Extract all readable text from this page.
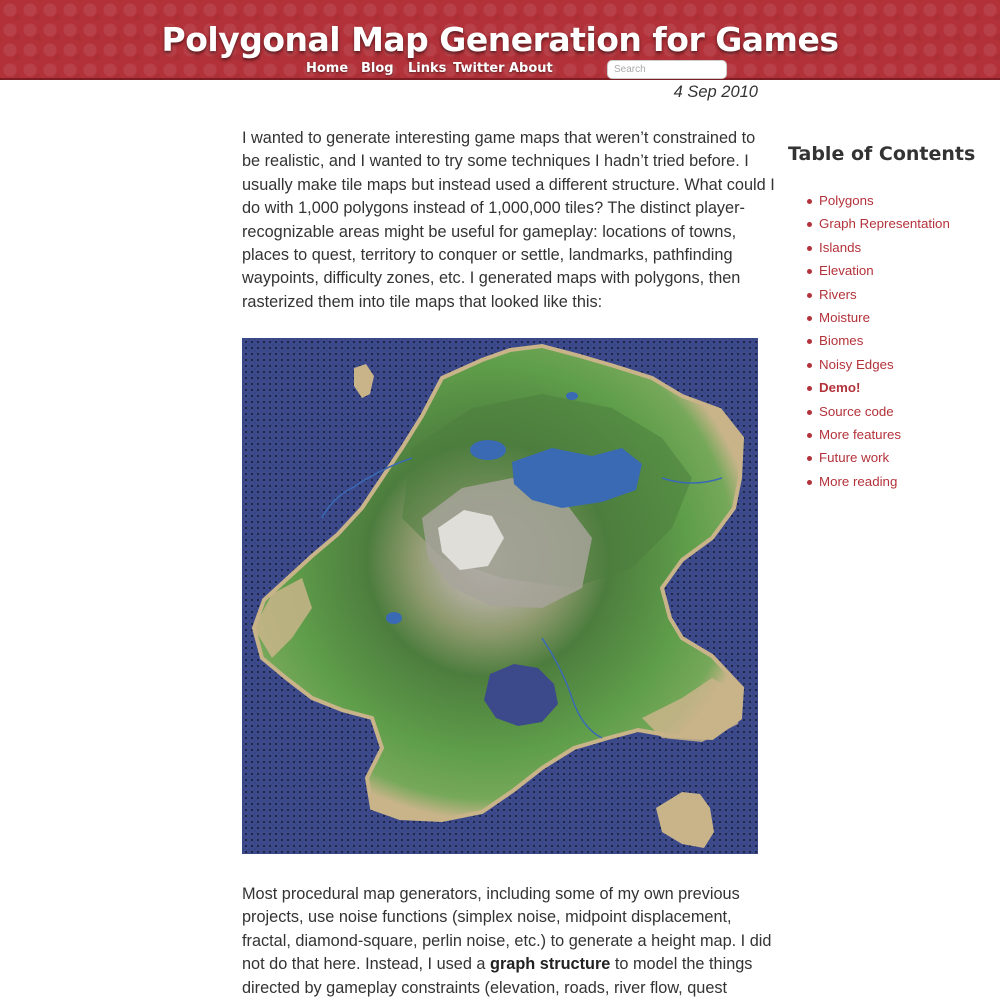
Polygonal Map Generation for Games
Home Blog Links Twitter About
Search
4 Sep 2010

I wanted to generate interesting game maps that weren’t constrained to
be realistic, and I wanted to try some techniques I hadn’t tried before. I
usually make tile maps but instead used a different structure. What could I
do with 1,000 polygons instead of 1,000,000 tiles? The distinct player-
recognizable areas might be useful for gameplay: locations of towns,
places to quest, territory to conquer or settle, landmarks, pathfinding
waypoints, difficulty zones, etc. I generated maps with polygons, then
rasterized them into tile maps that looked like this:

Most procedural map generators, including some of my own previous
projects, use noise functions (simplex noise, midpoint displacement,
fractal, diamond-square, perlin noise, etc.) to generate a height map. I did
not do that here. Instead, I used a graph structure to model the things
directed by gameplay constraints (elevation, roads, river flow, quest

Table of Contents
Polygons
Graph Representation
Islands
Elevation
Rivers
Moisture
Biomes
Noisy Edges
Demo!
Source code
More features
Future work
More reading
